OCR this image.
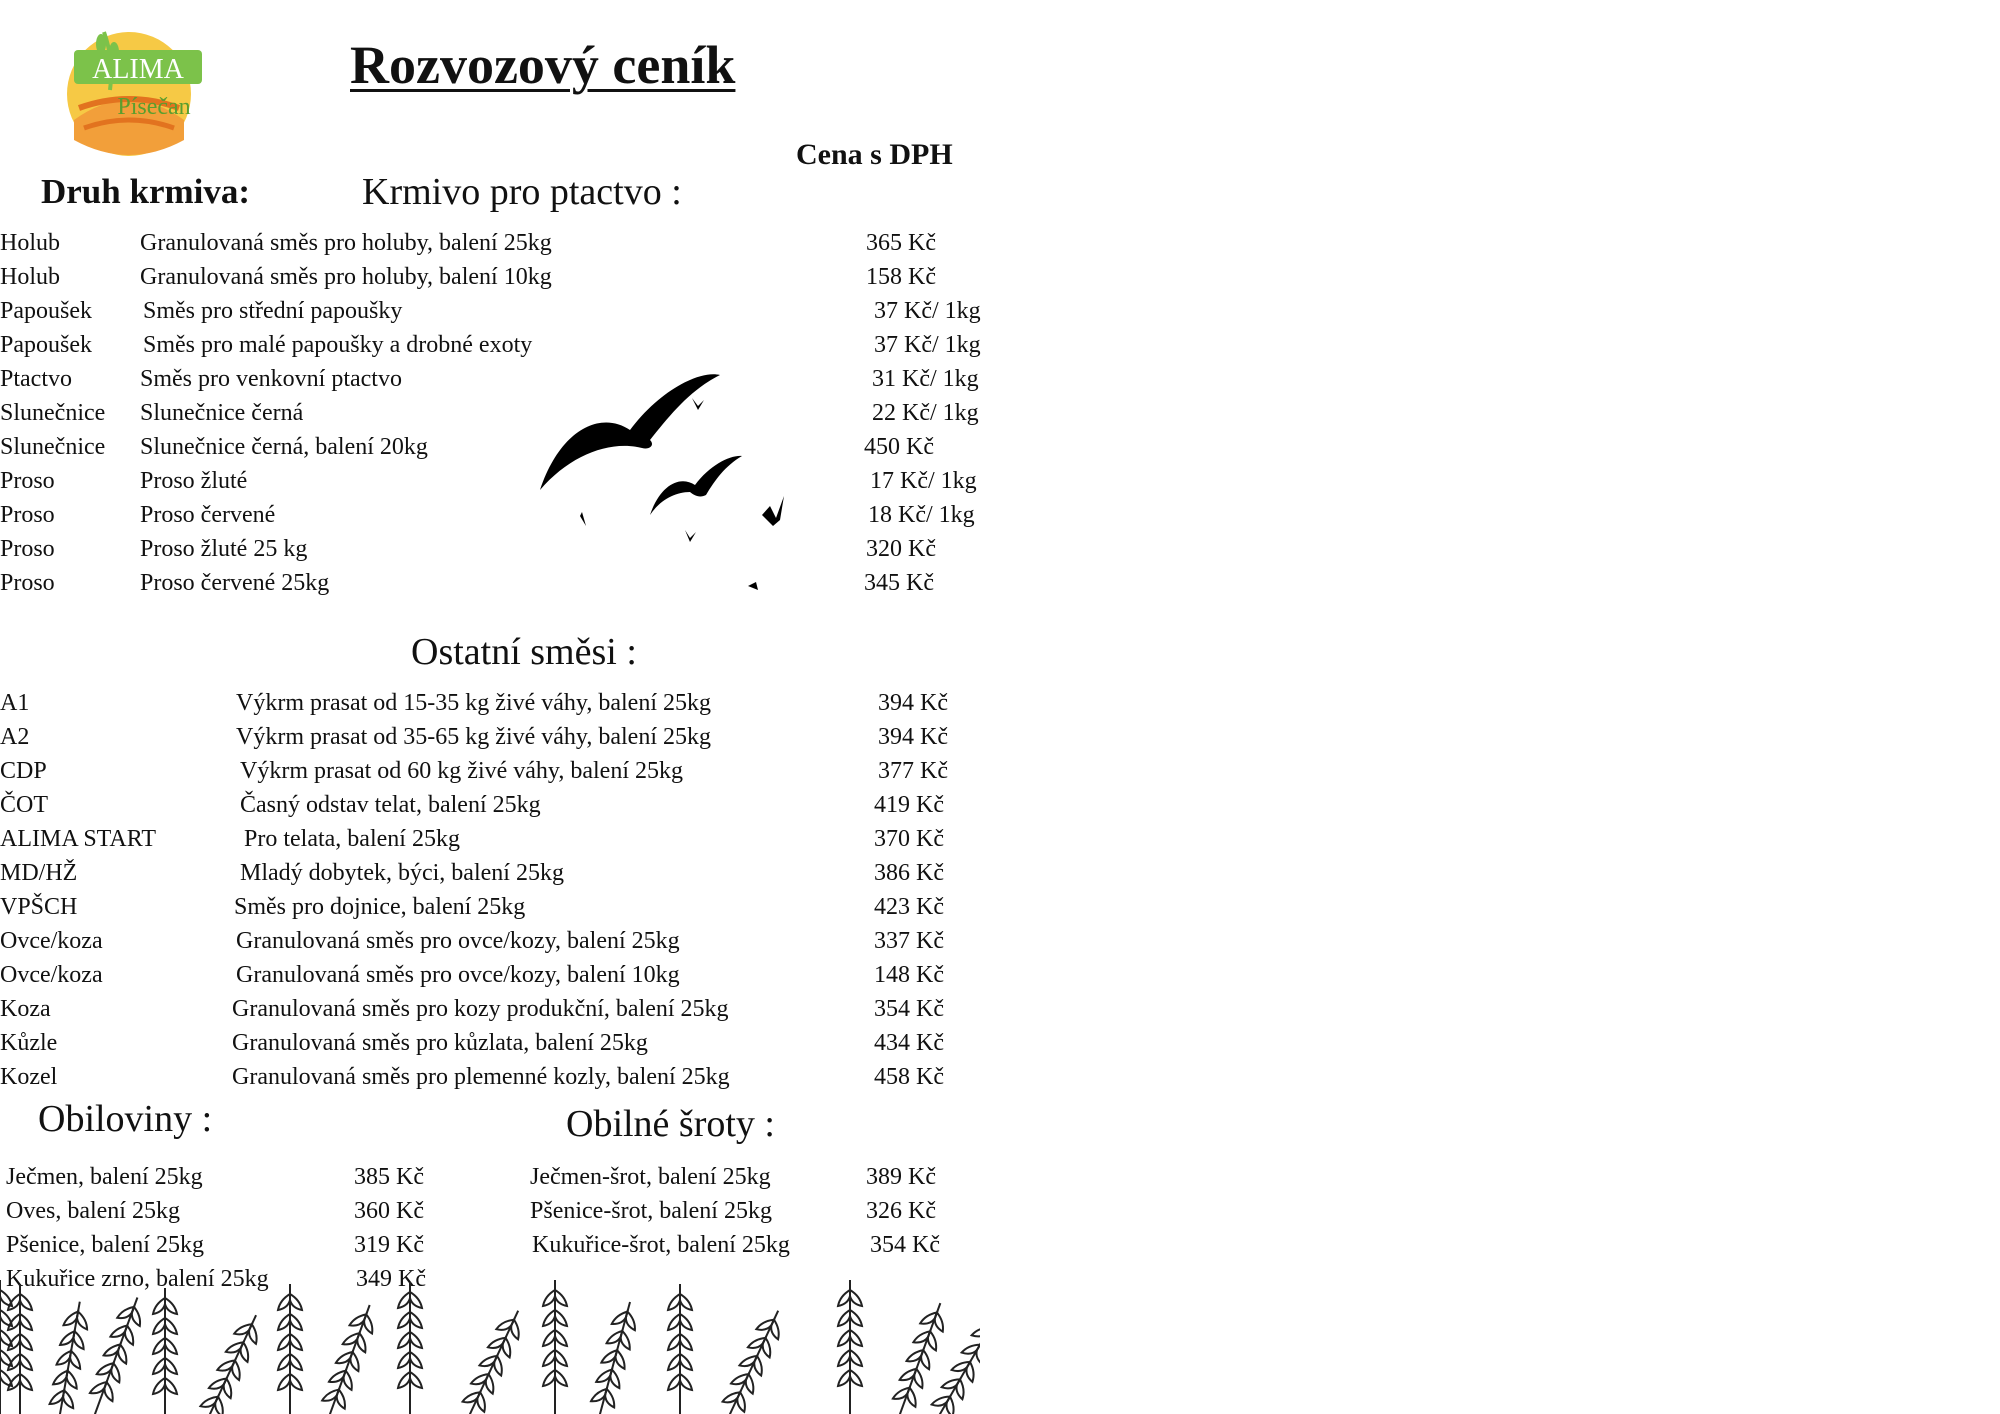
ALIMA
Písečan
Rozvozový ceník
Cena s DPH
Druh krmiva:	Krmivo pro ptactvo :
Ostatní směsi :
Obiloviny :	Obilné šroty :
Holub	Granulovaná směs pro holuby, balení 25kg	365 Kč
Holub	Granulovaná směs pro holuby, balení 10kg	158 Kč
Papoušek Směs pro střední papoušky	37 Kč/ 1kg
Papoušek Směs pro malé papoušky a drobné exoty	37 Kč/ 1kg
Ptactvo	Směs pro venkovní ptactvo	31 Kč/ 1kg
Slunečnice Slunečnice černá	22 Kč/ 1kg
Slunečnice Slunečnice černá, balení 20kg	450 Kč
Proso	Proso žluté	17 Kč/ 1kg
Proso	Proso červené	18 Kč/ 1kg
Proso	Proso žluté 25 kg	320 Kč
Proso	Proso červené 25kg	345 Kč
A1	Výkrm prasat od 15-35 kg živé váhy, balení 25kg	394 Kč
A2	Výkrm prasat od 35-65 kg živé váhy, balení 25kg	394 Kč
CDP	Výkrm prasat od 60 kg živé váhy, balení 25kg	377 Kč
ČOT	Časný odstav telat, balení 25kg	419 Kč
ALIMA START	Pro telata, balení 25kg	370 Kč
MD/HŽ	Mladý dobytek, býci, balení 25kg	386 Kč
VPŠCH	Směs pro dojnice, balení 25kg	423 Kč
Ovce/koza	Granulovaná směs pro ovce/kozy, balení 25kg	337 Kč
Ovce/koza	Granulovaná směs pro ovce/kozy, balení 10kg	148 Kč
Koza	Granulovaná směs pro kozy produkční, balení 25kg	354 Kč
Kůzle	Granulovaná směs pro kůzlata, balení 25kg	434 Kč
Kozel	Granulovaná směs pro plemenné kozly, balení 25kg	458 Kč
Ječmen, balení 25kg	385 Kč
Oves, balení 25kg	360 Kč
Pšenice, balení 25kg	319 Kč
Kukuřice zrno, balení 25kg	349 Kč
Ječmen-šrot, balení 25kg	389 Kč
Pšenice-šrot, balení 25kg	326 Kč
Kukuřice-šrot, balení 25kg	354 Kč
